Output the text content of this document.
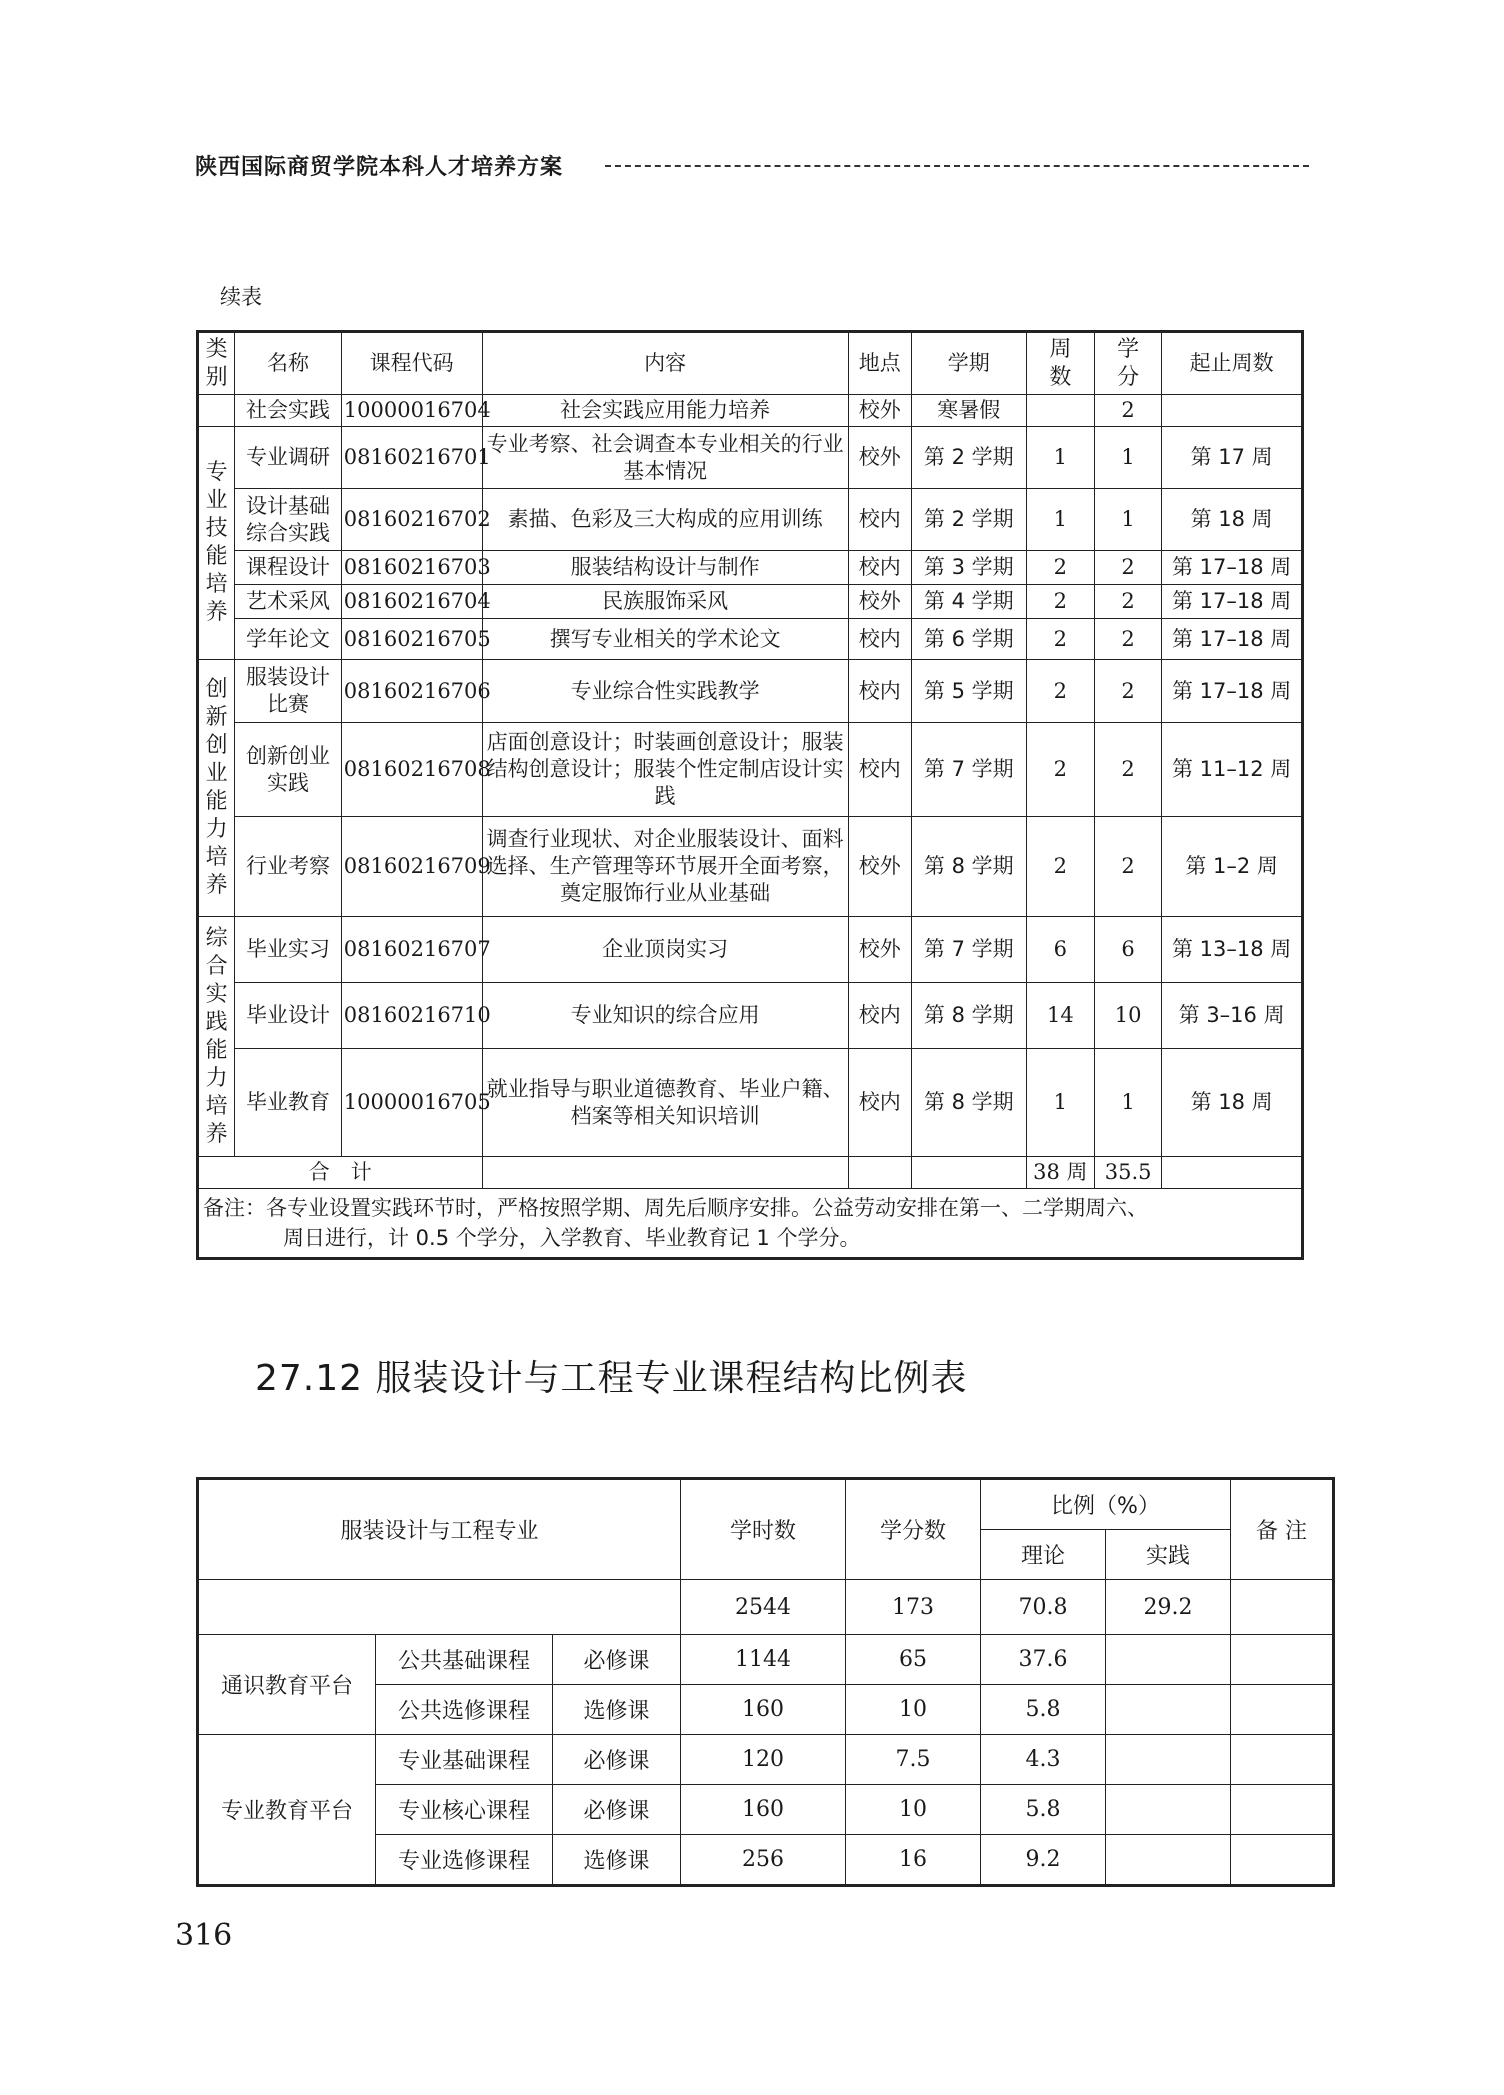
陕西国际商贸学院本科人才培养方案
续表
类别	名称	课程代码	内容	地点	学期	周数	学分	起止周数
	社会实践	10000016704	社会实践应用能力培养	校外	寒暑假		2	

专业技能培养	专业调研	08160216701	专业考察、社会调查本专业相关的行业基本情况	校外	第 2 学期	1	1	第 17 周
	设计基础综合实践	08160216702	素描、色彩及三大构成的应用训练	校内	第 2 学期	1	1	第 18 周
	课程设计	08160216703	服装结构设计与制作	校内	第 3 学期	2	2	第 17–18 周
	艺术采风	08160216704	民族服饰采风	校外	第 4 学期	2	2	第 17–18 周
	学年论文	08160216705	撰写专业相关的学术论文	校内	第 6 学期	2	2	第 17–18 周

创新创业能力培养	服装设计比赛	08160216706	专业综合性实践教学	校内	第 5 学期	2	2	第 17–18 周
	创新创业实践	08160216708	店面创意设计；时装画创意设计；服装结构创意设计；服装个性定制店设计实践	校内	第 7 学期	2	2	第 11–12 周
	行业考察	08160216709	调查行业现状、对企业服装设计、面料选择、生产管理等环节展开全面考察，奠定服饰行业从业基础	校外	第 8 学期	2	2	第 1–2 周

综合实践能力培养	毕业实习	08160216707	企业顶岗实习	校外	第 7 学期	6	6	第 13–18 周
	毕业设计	08160216710	专业知识的综合应用	校内	第 8 学期	14	10	第 3–16 周
	毕业教育	10000016705	就业指导与职业道德教育、毕业户籍、档案等相关知识培训	校内	第 8 学期	1	1	第 18 周
合　计						38 周	35.5	
备注：各专业设置实践环节时，严格按照学期、周先后顺序安排。公益劳动安排在第一、二学期周六、
周日进行，计 0.5 个学分，入学教育、毕业教育记 1 个学分。								
27.12 服装设计与工程专业课程结构比例表
服装设计与工程专业			学时数	学分数	比例（%）		备 注
					理论	实践	
			2544	173	70.8	29.2	
通识教育平台	公共基础课程	必修课	1144	65	37.6		
	公共选修课程	选修课	160	10	5.8		
专业教育平台	专业基础课程	必修课	120	7.5	4.3		
	专业核心课程	必修课	160	10	5.8		
	专业选修课程	选修课	256	16	9.2		
316
